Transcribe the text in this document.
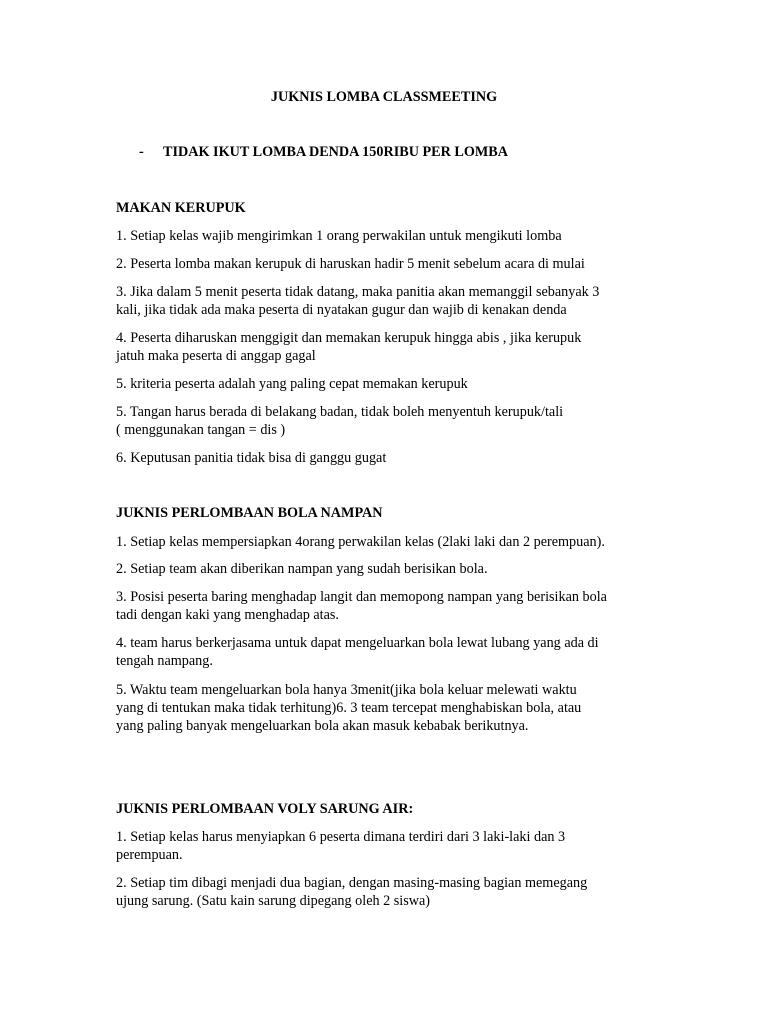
JUKNIS LOMBA CLASSMEETING
- TIDAK IKUT LOMBA DENDA 150RIBU PER LOMBA
MAKAN KERUPUK
1. Setiap kelas wajib mengirimkan 1 orang perwakilan untuk mengikuti lomba
2. Peserta lomba makan kerupuk di haruskan hadir 5 menit sebelum acara di mulai
3. Jika dalam 5 menit peserta tidak datang, maka panitia akan memanggil sebanyak 3
kali, jika tidak ada maka peserta di nyatakan gugur dan wajib di kenakan denda
4. Peserta diharuskan menggigit dan memakan kerupuk hingga abis , jika kerupuk
jatuh maka peserta di anggap gagal
5. kriteria peserta adalah yang paling cepat memakan kerupuk
5. Tangan harus berada di belakang badan, tidak boleh menyentuh kerupuk/tali
( menggunakan tangan = dis )
6. Keputusan panitia tidak bisa di ganggu gugat
JUKNIS PERLOMBAAN BOLA NAMPAN
1. Setiap kelas mempersiapkan 4orang perwakilan kelas (2laki laki dan 2 perempuan).
2. Setiap team akan diberikan nampan yang sudah berisikan bola.
3. Posisi peserta baring menghadap langit dan memopong nampan yang berisikan bola
tadi dengan kaki yang menghadap atas.
4. team harus berkerjasama untuk dapat mengeluarkan bola lewat lubang yang ada di
tengah nampang.
5. Waktu team mengeluarkan bola hanya 3menit(jika bola keluar melewati waktu
yang di tentukan maka tidak terhitung)6. 3 team tercepat menghabiskan bola, atau
yang paling banyak mengeluarkan bola akan masuk kebabak berikutnya.
JUKNIS PERLOMBAAN VOLY SARUNG AIR:
1. Setiap kelas harus menyiapkan 6 peserta dimana terdiri dari 3 laki-laki dan 3
perempuan.
2. Setiap tim dibagi menjadi dua bagian, dengan masing-masing bagian memegang
ujung sarung. (Satu kain sarung dipegang oleh 2 siswa)
